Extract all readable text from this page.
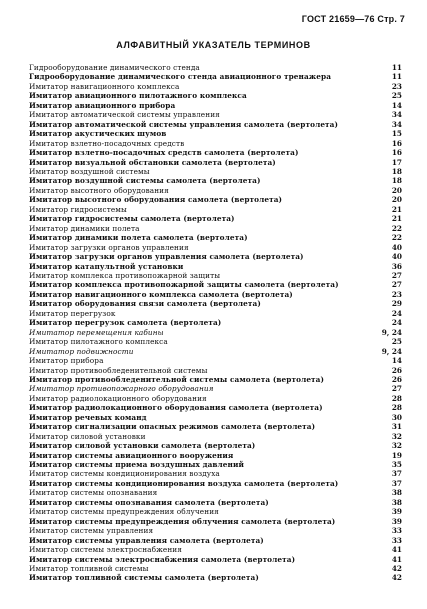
ГОСТ 21659—76 Стр. 7
АЛФАВИТНЫЙ УКАЗАТЕЛЬ ТЕРМИНОВ
Гидрооборудование динамического стенда	11
Гидрооборудование динамического стенда авиационного тренажера	11
Имитатор навигационного комплекса	23
Имитатор авиационного пилотажного комплекса	25
Имитатор авиационного прибора	14
Имитатор автоматической системы управления	34
Имитатор автоматической системы управления самолета (вертолета)	34
Имитатор акустических шумов	15
Имитатор взлетно-посадочных средств	16
Имитатор взлетно-посадочных средств самолета (вертолета)	16
Имитатор визуальной обстановки самолета (вертолета)	17
Имитатор воздушной системы	18
Имитатор воздушной системы самолета (вертолета)	18
Имитатор высотного оборудования	20
Имитатор высотного оборудования самолета (вертолета)	20
Имитатор гидросистемы	21
Имитатор гидросистемы самолета (вертолета)	21
Имитатор динамики полета	22
Имитатор динамики полета самолета (вертолета)	22
Имитатор загрузки органов управления	40
Имитатор загрузки органов управления самолета (вертолета)	40
Имитатор катапультной установки	36
Имитатор комплекса противопожарной защиты	27
Имитатор комплекса противопожарной защиты самолета (вертолета)	27
Имитатор навигационного комплекса самолета (вертолета)	23
Имитатор оборудования связи самолета (вертолета)	29
Имитатор перегрузок	24
Имитатор перегрузок самолета (вертолета)	24
Имитатор перемещения кабины	9, 24
Имитатор пилотажного комплекса	25
Имитатор подвижности	9, 24
Имитатор прибора	14
Имитатор противообледенительной системы	26
Имитатор противообледенительной системы самолета (вертолета)	26
Имитатор противопожарного оборудования	27
Имитатор радиолокационного оборудования	28
Имитатор радиолокационного оборудования самолета (вертолета)	28
Имитатор речевых команд	30
Имитатор сигнализации опасных режимов самолета (вертолета)	31
Имитатор силовой установки	32
Имитатор силовой установки самолета (вертолета)	32
Имитатор системы авиационного вооружения	19
Имитатор системы приема воздушных давлений	35
Имитатор системы кондиционирования воздуха	37
Имитатор системы кондиционирования воздуха самолета (вертолета)	37
Имитатор системы опознавания	38
Имитатор системы опознавания самолета (вертолета)	38
Имитатор системы предупреждения облучения	39
Имитатор системы предупреждения облучения самолета (вертолета)	39
Имитатор системы управления	33
Имитатор системы управления самолета (вертолета)	33
Имитатор системы электроснабжения	41
Имитатор системы электроснабжения самолета (вертолета)	41
Имитатор топливной системы	42
Имитатор топливной системы самолета (вертолета)	42
